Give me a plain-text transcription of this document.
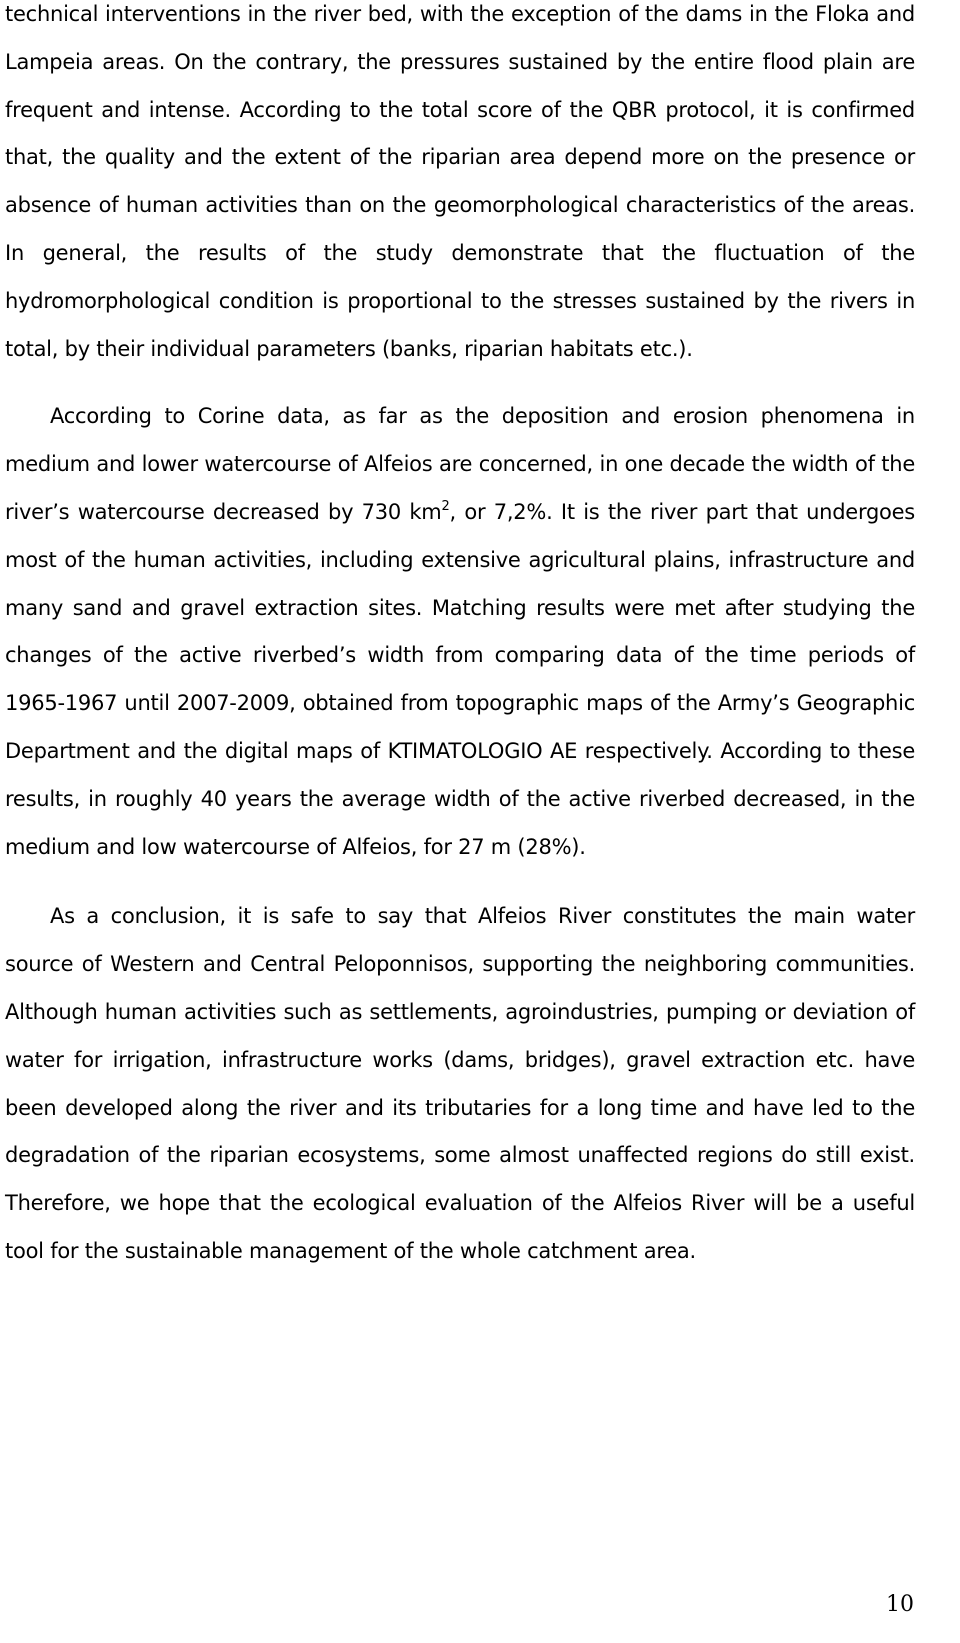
technical interventions in the river bed, with the exception of the dams in the Floka and Lampeia areas. On the contrary, the pressures sustained by the entire flood plain are frequent and intense. According to the total score of the QBR protocol, it is confirmed that, the quality and the extent of the riparian area depend more on the presence or absence of human activities than on the geomorphological characteristics of the areas. In general, the results of the study demonstrate that the fluctuation of the hydromorphological condition is proportional to the stresses sustained by the rivers in total, by their individual parameters (banks, riparian habitats etc.).

According to Corine data, as far as the deposition and erosion phenomena in medium and lower watercourse of Alfeios are concerned, in one decade the width of the river’s watercourse decreased by 730 $km^2$, or 7,2%. It is the river part that undergoes most of the human activities, including extensive agricultural plains, infrastructure and many sand and gravel extraction sites. Matching results were met after studying the changes of the active riverbed’s width from comparing data of the time periods of 1965-1967 until 2007-2009, obtained from topographic maps of the Army’s Geographic Department and the digital maps of KTIMATOLOGIO AE respectively. According to these results, in roughly 40 years the average width of the active riverbed decreased, in the medium and low watercourse of Alfeios, for 27 m (28%).

As a conclusion, it is safe to say that Alfeios River constitutes the main water source of Western and Central Peloponnisos, supporting the neighboring communities. Although human activities such as settlements, agroindustries, pumping or deviation of water for irrigation, infrastructure works (dams, bridges), gravel extraction etc. have been developed along the river and its tributaries for a long time and have led to the degradation of the riparian ecosystems, some almost unaffected regions do still exist. Therefore, we hope that the ecological evaluation of the Alfeios River will be a useful tool for the sustainable management of the whole catchment area.

10
